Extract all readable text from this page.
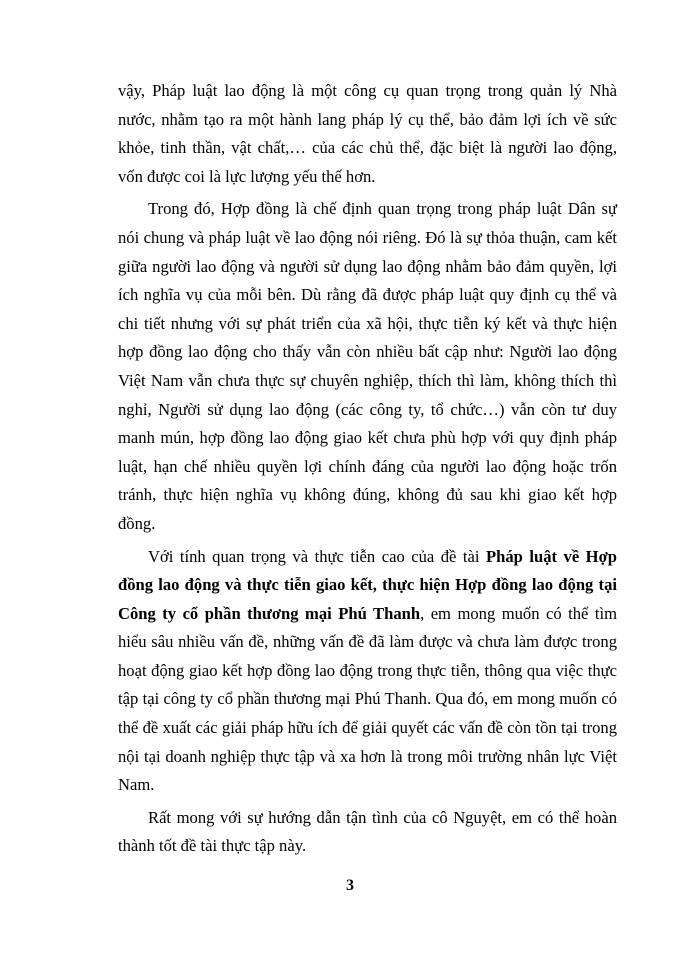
vậy, Pháp luật lao động là một công cụ quan trọng trong quản lý Nhà nước, nhằm tạo ra một hành lang pháp lý cụ thể, bảo đảm lợi ích về sức khỏe, tinh thần, vật chất,… của các chủ thể, đặc biệt là người lao động, vốn được coi là lực lượng yếu thế hơn.

Trong đó, Hợp đồng là chế định quan trọng trong pháp luật Dân sự nói chung và pháp luật về lao động nói riêng. Đó là sự thỏa thuận, cam kết giữa người lao động và người sử dụng lao động nhằm bảo đảm quyền, lợi ích nghĩa vụ của mỗi bên. Dù rằng đã được pháp luật quy định cụ thể và chi tiết nhưng với sự phát triển của xã hội, thực tiễn ký kết và thực hiện hợp đồng lao động cho thấy vẫn còn nhiều bất cập như: Người lao động Việt Nam vẫn chưa thực sự chuyên nghiệp, thích thì làm, không thích thì nghỉ, Người sử dụng lao động (các công ty, tổ chức…) vẫn còn tư duy manh mún, hợp đồng lao động giao kết chưa phù hợp với quy định pháp luật, hạn chế nhiều quyền lợi chính đáng của người lao động hoặc trốn tránh, thực hiện nghĩa vụ không đúng, không đủ sau khi giao kết hợp đồng.

Với tính quan trọng và thực tiễn cao của đề tài Pháp luật về Hợp đồng lao động và thực tiễn giao kết, thực hiện Hợp đồng lao động tại Công ty cổ phần thương mại Phú Thanh, em mong muốn có thể tìm hiểu sâu nhiều vấn đề, những vấn đề đã làm được và chưa làm được trong hoạt động giao kết hợp đồng lao động trong thực tiễn, thông qua việc thực tập tại công ty cổ phần thương mại Phú Thanh. Qua đó, em mong muốn có thể đề xuất các giải pháp hữu ích để giải quyết các vấn đề còn tồn tại trong nội tại doanh nghiệp thực tập và xa hơn là trong môi trường nhân lực Việt Nam.

Rất mong với sự hướng dẫn tận tình của cô Nguyệt, em có thể hoàn thành tốt đề tài thực tập này.

3
